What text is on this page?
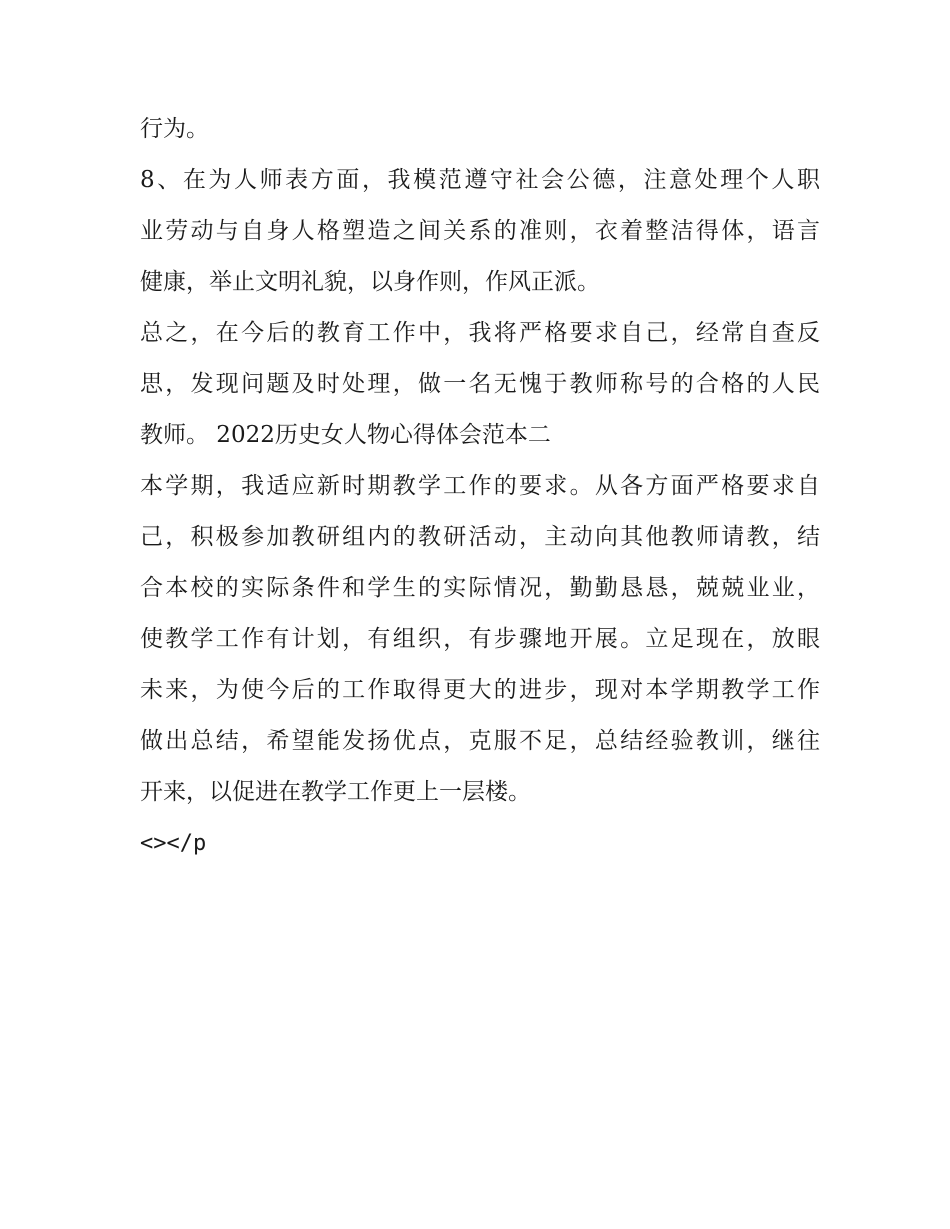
行为。
8、在为人师表方面，我模范遵守社会公德，注意处理个人职
业劳动与自身人格塑造之间关系的准则，衣着整洁得体，语言
健康，举止文明礼貌，以身作则，作风正派。
总之，在今后的教育工作中，我将严格要求自己，经常自查反
思，发现问题及时处理，做一名无愧于教师称号的合格的人民
教师。 2022历史女人物心得体会范本二
本学期，我适应新时期教学工作的要求。从各方面严格要求自
己，积极参加教研组内的教研活动，主动向其他教师请教，结
合本校的实际条件和学生的实际情况，勤勤恳恳，兢兢业业，
使教学工作有计划，有组织，有步骤地开展。立足现在，放眼
未来，为使今后的工作取得更大的进步，现对本学期教学工作
做出总结，希望能发扬优点，克服不足，总结经验教训，继往
开来，以促进在教学工作更上一层楼。
<></p
